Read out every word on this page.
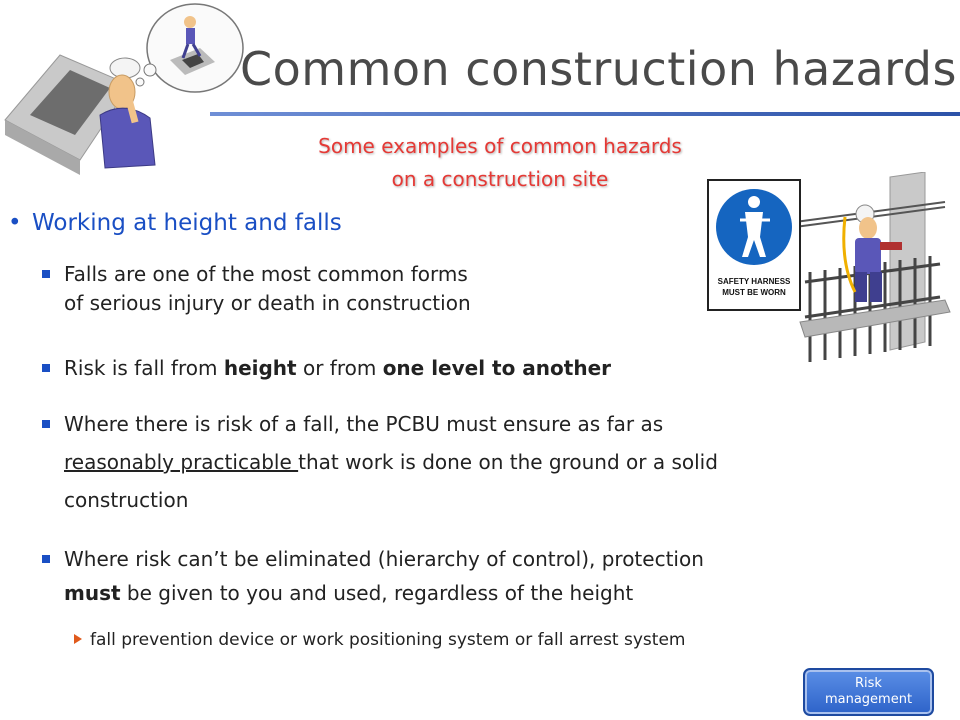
Common construction hazards
Some examples of common hazards
on a construction site
SAFETY HARNESS
MUST BE WORN
• Working at height and falls
Falls are one of the most common forms
of serious injury or death in construction
Risk is fall from height or from one level to another
Where there is risk of a fall, the PCBU must ensure as far as
reasonably practicable that work is done on the ground or a solid
construction
Where risk can’t be eliminated (hierarchy of control), protection
must be given to you and used, regardless of the height
fall prevention device or work positioning system or fall arrest system
Risk
management
